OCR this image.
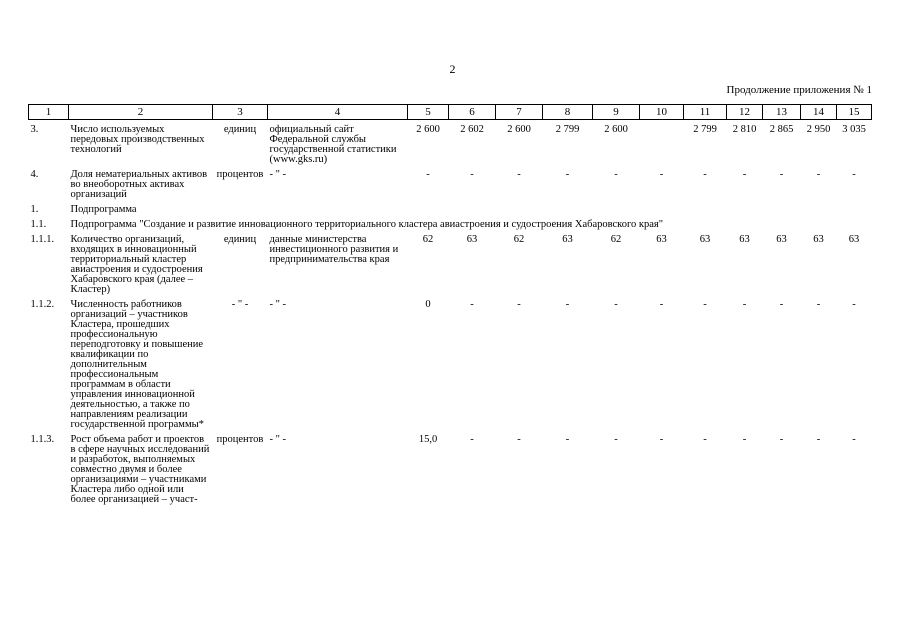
2
Продолжение приложения № 1
1	2	3	4	5	6	7	8	9	10	11	12	13	14	15

3.	Число используемых передовых производственных технологий	единиц	официальный сайт Федеральной службы государственной статистики (www.gks.ru)	2 600	2 602	2 600	2 799	2 600		2 799	2 810	2 865	2 950	3 035

4.	Доля нематериальных активов во внеоборотных активах организаций	процентов	- " -	-	-	-	-	-	-	-	-	-	-	-

1.	Подпрограмма													

1.1.	Подпрограмма "Создание и развитие инновационного территориального кластера авиастроения и судостроения Хабаровского края"													

1.1.1.	Количество организаций, входящих в инновационный территориальный кластер авиастроения и судостроения Хабаровского края (далее – Кластер)	единиц	данные министерства инвестиционного развития и предпринимательства края	62	63	62	63	62	63	63	63	63	63	63

1.1.2.	Численность работников организаций – участников Кластера, прошедших профессиональную переподготовку и повышение квалификации по дополнительным профессиональным программам в области управления инновационной деятельностью, а также по направлениям реализации государственной программы*	- " -	- " -	0	-	-	-	-	-	-	-	-	-	-

1.1.3.	Рост объема работ и проектов в сфере научных исследований и разработок, выполняемых совместно двумя и более организациями – участниками Кластера либо одной или более организацией – участ-	процентов	- " -	15,0	-	-	-	-	-	-	-	-	-	-
